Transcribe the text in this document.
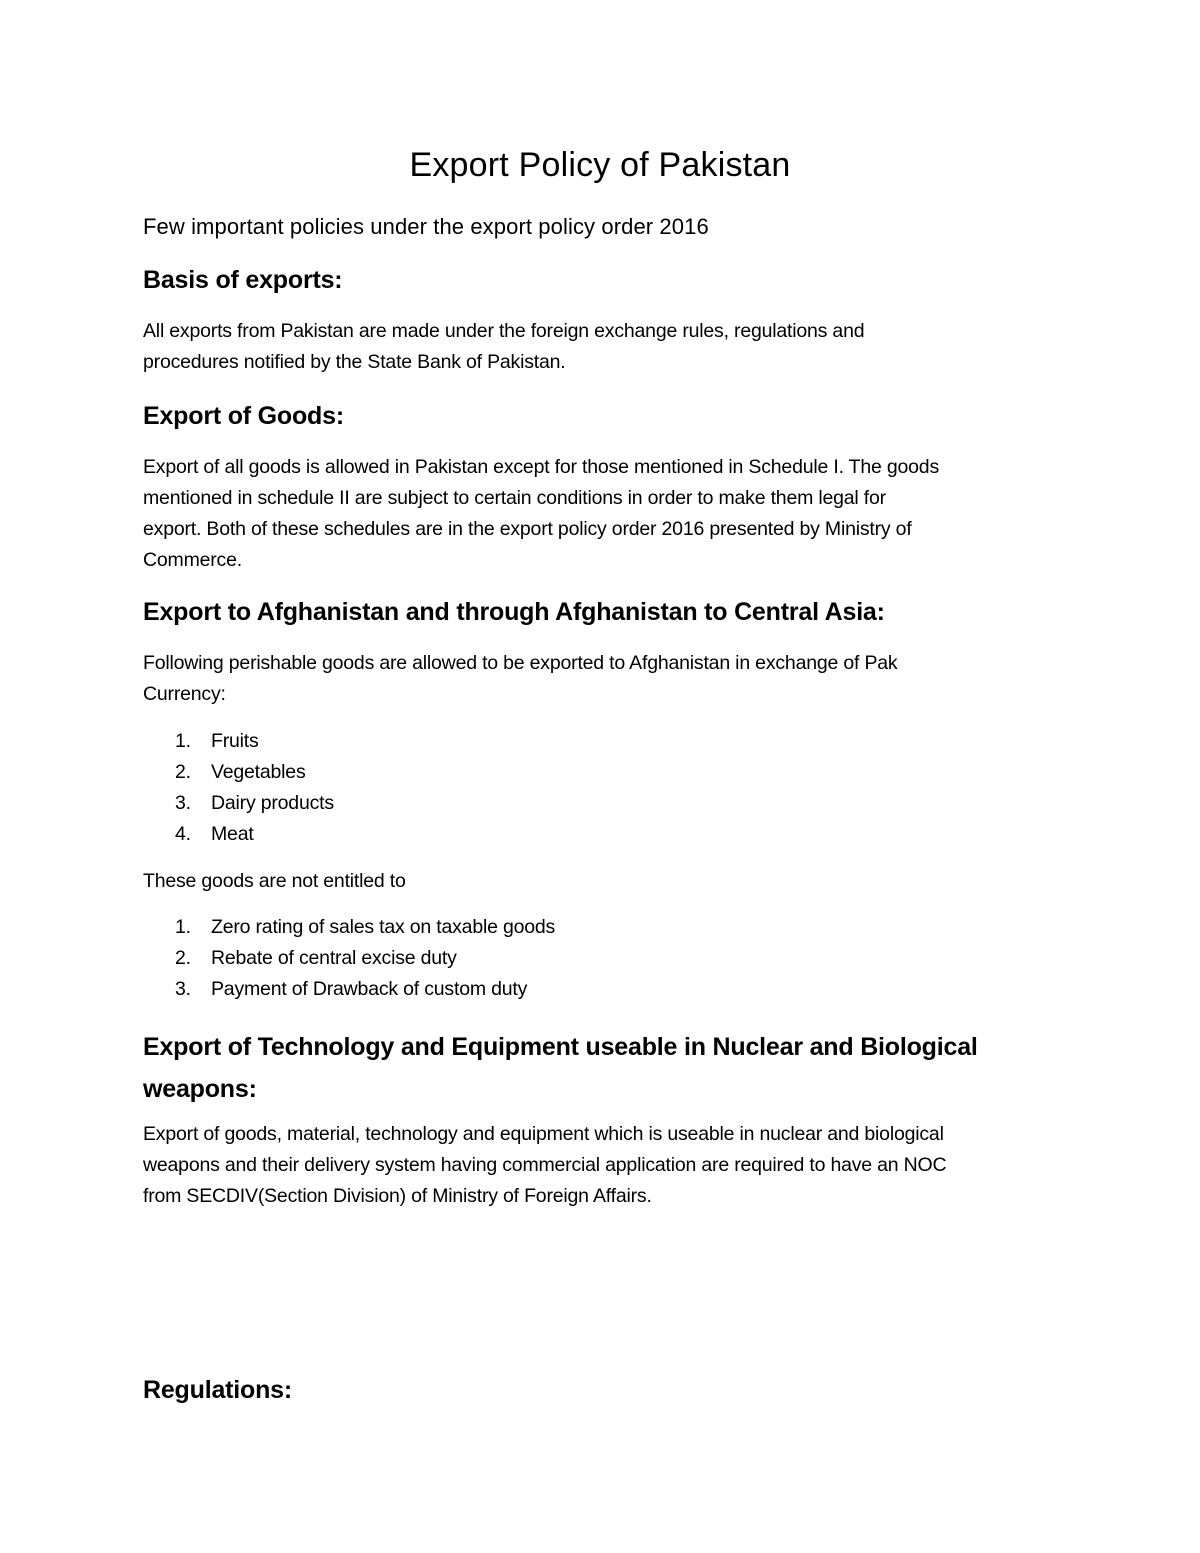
Export Policy of Pakistan

Few important policies under the export policy order 2016

Basis of exports:
All exports from Pakistan are made under the foreign exchange rules, regulations and
procedures notified by the State Bank of Pakistan.
Export of Goods:
Export of all goods is allowed in Pakistan except for those mentioned in Schedule I. The goods
mentioned in schedule II are subject to certain conditions in order to make them legal for
export. Both of these schedules are in the export policy order 2016 presented by Ministry of
Commerce.
Export to Afghanistan and through Afghanistan to Central Asia:
Following perishable goods are allowed to be exported to Afghanistan in exchange of Pak
Currency:
1. Fruits
2. Vegetables
3. Dairy products
4. Meat

These goods are not entitled to

1. Zero rating of sales tax on taxable goods
2. Rebate of central excise duty
3. Payment of Drawback of custom duty
Export of Technology and Equipment useable in Nuclear and Biological
weapons:
Export of goods, material, technology and equipment which is useable in nuclear and biological
weapons and their delivery system having commercial application are required to have an NOC
from SECDIV(Section Division) of Ministry of Foreign Affairs.
Regulations:
